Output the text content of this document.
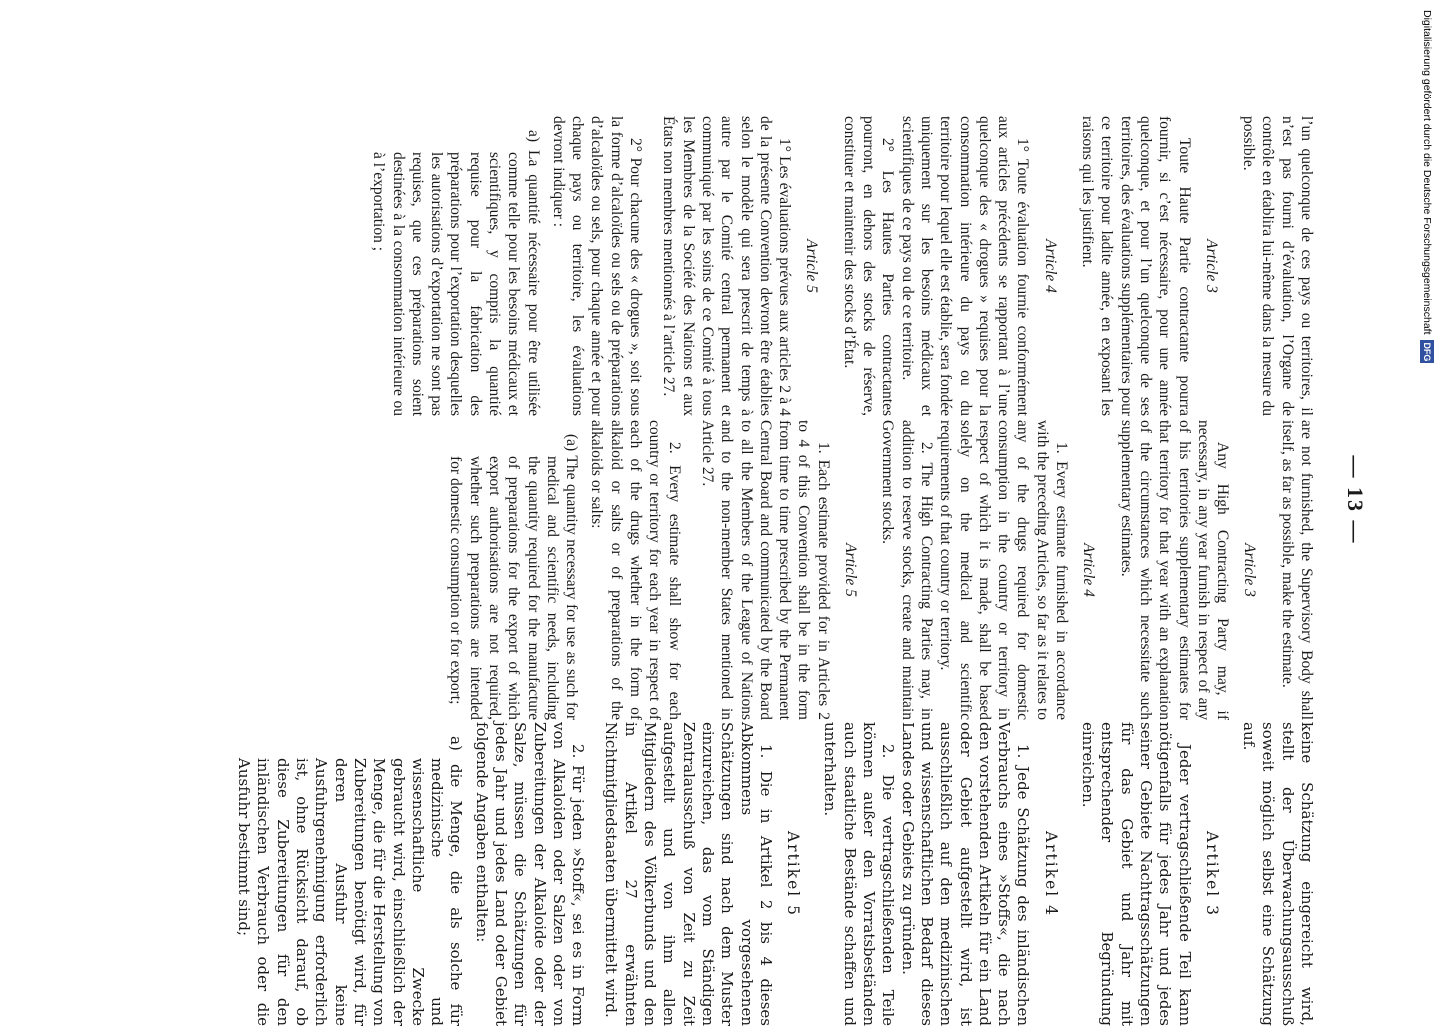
— 13 —

l’un quelconque de ces pays ou territoires, il n’est pas fourni d’évaluation, l’Organe de contrôle en établira lui-même dans la mesure du possible.

Article 3

Toute Haute Partie contractante pourra fournir, si c’est nécessaire, pour une année quelconque, et pour l’un quelconque de ses territoires, des évaluations supplémentaires pour ce territoire pour ladite année, en exposant les raisons qui les justifient.

Article 4

1° Toute évaluation fournie conformément aux articles précédents se rapportant à l’une quelconque des « drogues » requises pour la consommation intérieure du pays ou du territoire pour lequel elle est établie, sera fondée uniquement sur les besoins médicaux et scientifiques de ce pays ou de ce territoire.

2° Les Hautes Parties contractantes pourront, en dehors des stocks de réserve, constituer et maintenir des stocks d’État.

Article 5

1° Les évaluations prévues aux articles 2 à 4 de la présente Convention devront être établies selon le modèle qui sera prescrit de temps à autre par le Comité central permanent et communiqué par les soins de ce Comité à tous les Membres de la Société des Nations et aux États non membres mentionnés à l’article 27.

2° Pour chacune des « drogues », soit sous la forme d’alcaloïdes ou sels ou de préparations d’alcaloïdes ou sels, pour chaque année et pour chaque pays ou territoire, les évaluations devront indiquer :

a) La quantité nécessaire pour être utilisée comme telle pour les besoins médicaux et scientifiques, y compris la quantité requise pour la fabrication des préparations pour l’exportation desquelles les autorisations d’exportation ne sont pas requises, que ces préparations soient destinées à la consommation intérieure ou à l’exportation ;

are not furnished, the Supervisory Body shall itself, as far as possible, make the estimate.

Article 3

Any High Contracting Party may, if necessary, in any year furnish in respect of any of his territories supplementary estimates for that territory for that year with an explanation of the circumstances which necessitate such supplementary estimates.

Article 4

1. Every estimate furnished in accordance with the preceding Articles, so far as it relates to any of the drugs required for domestic consumption in the country or territory in respect of which it is made, shall be based solely on the medical and scientific requirements of that country or territory.

2. The High Contracting Parties may, in addition to reserve stocks, create and maintain Government stocks.

Article 5

1. Each estimate provided for in Articles 2 to 4 of this Convention shall be in the form from time to time prescribed by the Permanent Central Board and communicated by the Board to all the Members of the League of Nations and to the non-member States mentioned in Article 27.

2. Every estimate shall show for each country or territory for each year in respect of each of the drugs whether in the form of alkaloid or salts or of preparations of the alkaloids or salts:

(a) The quantity necessary for use as such for medical and scientific needs, including the quantity required for the manufacture of preparations for the export of which export authorisations are not required, whether such preparations are intended for domestic consumption or for export;

keine Schätzung eingereicht wird, stellt der Überwachungsausschuß soweit möglich selbst eine Schätzung auf.

Artikel 3

Jeder vertragschließende Teil kann nötigenfalls für jedes Jahr und jedes seiner Gebiete Nachtragsschätzungen für das Gebiet und Jahr mit entsprechender Begründung einreichen.

Artikel 4

1. Jede Schätzung des inländischen Verbrauchs eines »Stoffs«, die nach den vorstehenden Artikeln für ein Land oder Gebiet aufgestellt wird, ist ausschließlich auf den medizinischen und wissenschaftlichen Bedarf dieses Landes oder Gebiets zu gründen.

2. Die vertragschließenden Teile können außer den Vorratsbeständen auch staatliche Bestände schaffen und unterhalten.

Artikel 5

1. Die in Artikel 2 bis 4 dieses Abkommens vorgesehenen Schätzungen sind nach dem Muster einzureichen, das vom Ständigen Zentralausschuß von Zeit zu Zeit aufgestellt und von ihm allen Mitgliedern des Völkerbunds und den in Artikel 27 erwähnten Nichtmitgliedstaaten übermittelt wird.

2. Für jeden »Stoff«, sei es in Form von Alkaloiden oder Salzen oder von Zubereitungen der Alkaloide oder der Salze, müssen die Schätzungen für jedes Jahr und jedes Land oder Gebiet folgende Angaben enthalten:

a) die Menge, die als solche für medizinische und wissenschaftliche Zwecke gebraucht wird, einschließlich der Menge, die für die Herstellung von Zubereitungen benötigt wird, für deren Ausfuhr keine Ausfuhrgenehmigung erforderlich ist, ohne Rücksicht darauf, ob diese Zubereitungen für den inländischen Verbrauch oder die Ausfuhr bestimmt sind;

Digitalisierung gefördert durch die Deutsche Forschungsgemeinschaft DFG
